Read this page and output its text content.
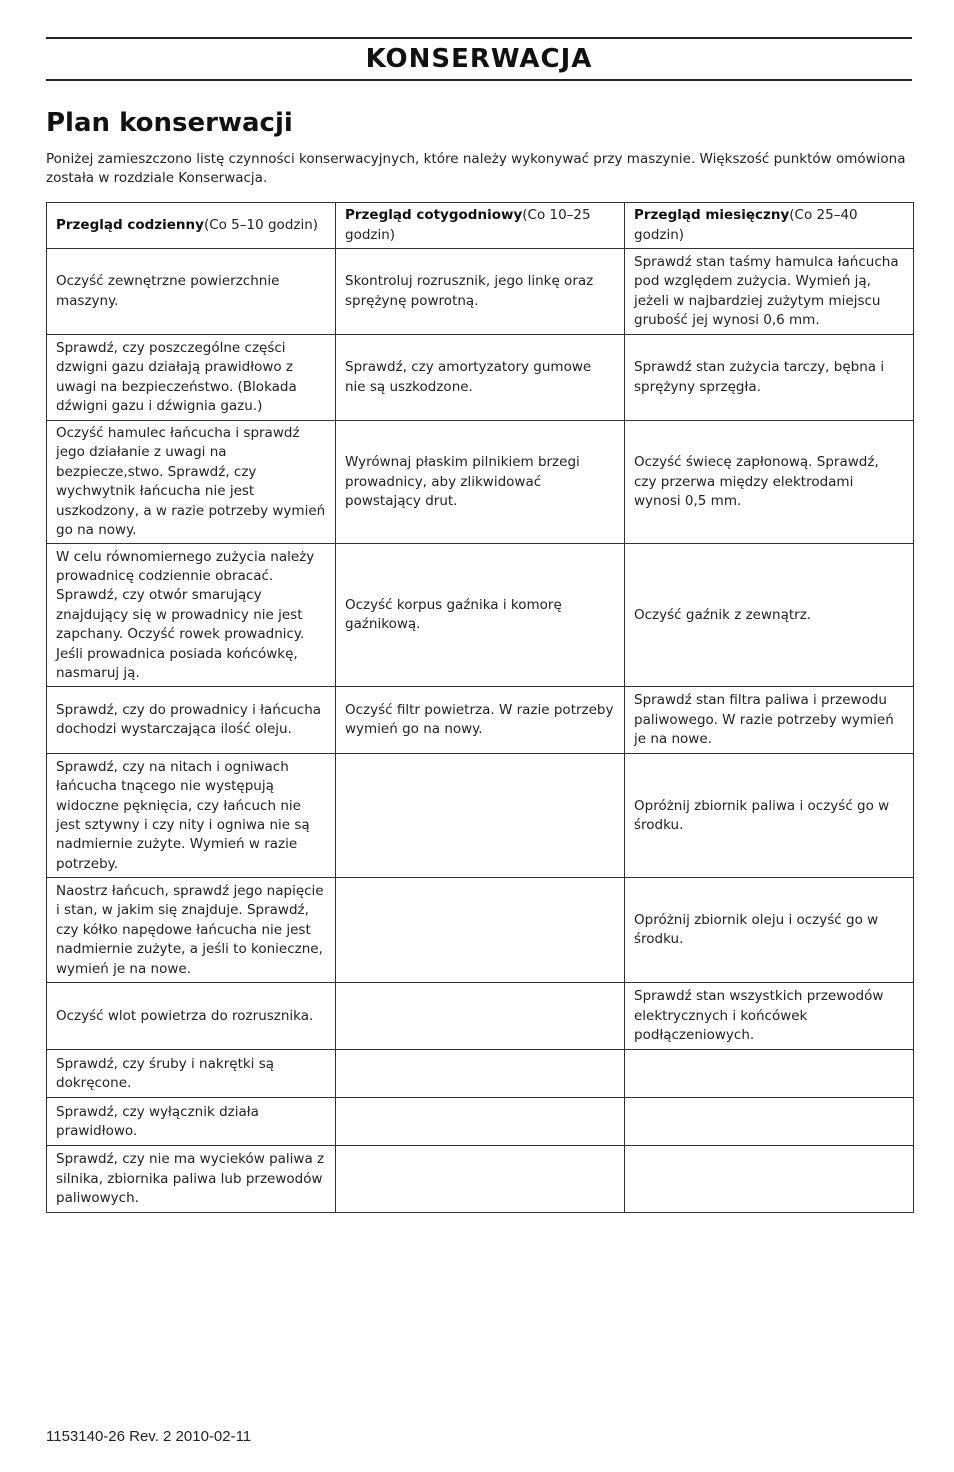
KONSERWACJA
Plan konserwacji

Poniżej zamieszczono listę czynności konserwacyjnych, które należy wykonywać przy maszynie. Większość punktów omówiona została w rozdziale Konserwacja.

Przegląd codzienny(Co 5–10 godzin)	Przegląd cotygodniowy(Co 10–25 godzin)	Przegląd miesięczny(Co 25–40 godzin)
Oczyść zewnętrzne powierzchnie maszyny.	Skontroluj rozrusznik, jego linkę oraz sprężynę powrotną.	Sprawdź stan taśmy hamulca łańcucha pod względem zużycia. Wymień ją, jeżeli w najbardziej zużytym miejscu grubość jej wynosi 0,6 mm.
Sprawdź, czy poszczególne części dzwigni gazu działają prawidłowo z uwagi na bezpieczeństwo. (Blokada dźwigni gazu i dźwignia gazu.)	Sprawdź, czy amortyzatory gumowe nie są uszkodzone.	Sprawdź stan zużycia tarczy, bębna i sprężyny sprzęgła.
Oczyść hamulec łańcucha i sprawdź jego działanie z uwagi na bezpiecze,stwo. Sprawdź, czy wychwytnik łańcucha nie jest uszkodzony, a w razie potrzeby wymień go na nowy.	Wyrównaj płaskim pilnikiem brzegi prowadnicy, aby zlikwidować powstający drut.	Oczyść świecę zapłonową. Sprawdź, czy przerwa między elektrodami wynosi 0,5 mm.
W celu równomiernego zużycia należy prowadnicę codziennie obracać. Sprawdź, czy otwór smarujący znajdujący się w prowadnicy nie jest zapchany. Oczyść rowek prowadnicy. Jeśli prowadnica posiada końcówkę, nasmaruj ją.	Oczyść korpus gaźnika i komorę gaźnikową.	Oczyść gaźnik z zewnątrz.
Sprawdź, czy do prowadnicy i łańcucha dochodzi wystarczająca ilość oleju.	Oczyść filtr powietrza. W razie potrzeby wymień go na nowy.	Sprawdź stan filtra paliwa i przewodu paliwowego. W razie potrzeby wymień je na nowe.
Sprawdź, czy na nitach i ogniwach łańcucha tnącego nie występują widoczne pęknięcia, czy łańcuch nie jest sztywny i czy nity i ogniwa nie są nadmiernie zużyte. Wymień w razie potrzeby.		Opróżnij zbiornik paliwa i oczyść go w środku.
Naostrz łańcuch, sprawdź jego napięcie i stan, w jakim się znajduje. Sprawdź, czy kółko napędowe łańcucha nie jest nadmiernie zużyte, a jeśli to konieczne, wymień je na nowe.		Opróżnij zbiornik oleju i oczyść go w środku.
Oczyść wlot powietrza do rozrusznika.		Sprawdź stan wszystkich przewodów elektrycznych i końcówek podłączeniowych.
Sprawdź, czy śruby i nakrętki są dokręcone.		
Sprawdź, czy wyłącznik działa prawidłowo.		
Sprawdź, czy nie ma wycieków paliwa z silnika, zbiornika paliwa lub przewodów paliwowych.		

1153140-26 Rev. 2 2010-02-11
